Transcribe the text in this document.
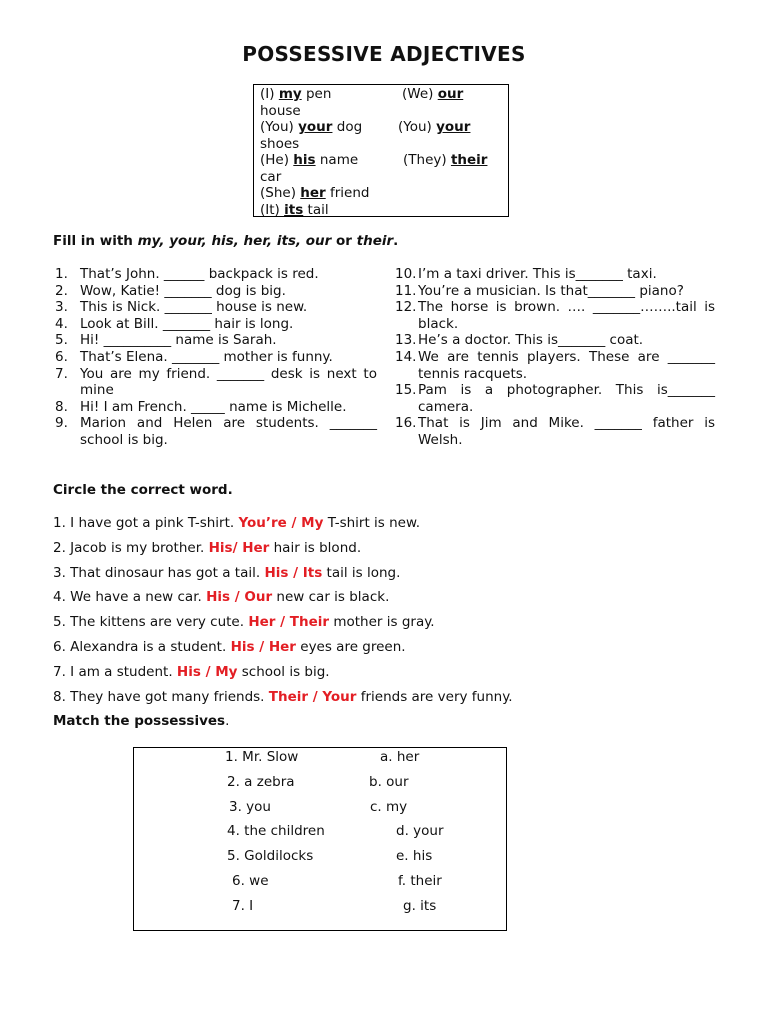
POSSESSIVE ADJECTIVES
(I) my pen	(We) our
house
(You) your dog	(You) your
shoes
(He) his name	(They) their
car
(She) her friend
(It) its tail
Fill in with my, your, his, her, its, our or their.
1. That’s John. ______ backpack is red.
2. Wow, Katie! _______ dog is big.
3. This is Nick. _______ house is new.
4. Look at Bill. _______ hair is long.
5. Hi! __________ name is Sarah.
6. That’s Elena. _______ mother is funny.
7. You are my friend. _______ desk is next to mine
8. Hi! I am French. _____ name is Michelle.
9. Marion and Helen are students. _______ school is big.
10. I’m a taxi driver. This is_______ taxi.
11. You’re a musician. Is that_______ piano?
12. The horse is brown. …. _______……..tail is black.
13. He’s a doctor. This is_______ coat.
14. We are tennis players. These are _______ tennis racquets.
15. Pam is a photographer. This is_______ camera.
16. That is Jim and Mike. _______ father is Welsh.
Circle the correct word.
1. I have got a pink T-shirt. You’re / My T-shirt is new.
2. Jacob is my brother. His/ Her hair is blond.
3. That dinosaur has got a tail. His / Its tail is long.
4. We have a new car. His / Our new car is black.
5. The kittens are very cute. Her / Their mother is gray.
6. Alexandra is a student. His / Her eyes are green.
7. I am a student. His / My school is big.
8. They have got many friends. Their / Your friends are very funny.
Match the possessives.
1. Mr. Slow	a. her
2. a zebra	b. our
3. you	c. my
4. the children	d. your
5. Goldilocks	e. his
6. we	f. their
7. I	g. its
